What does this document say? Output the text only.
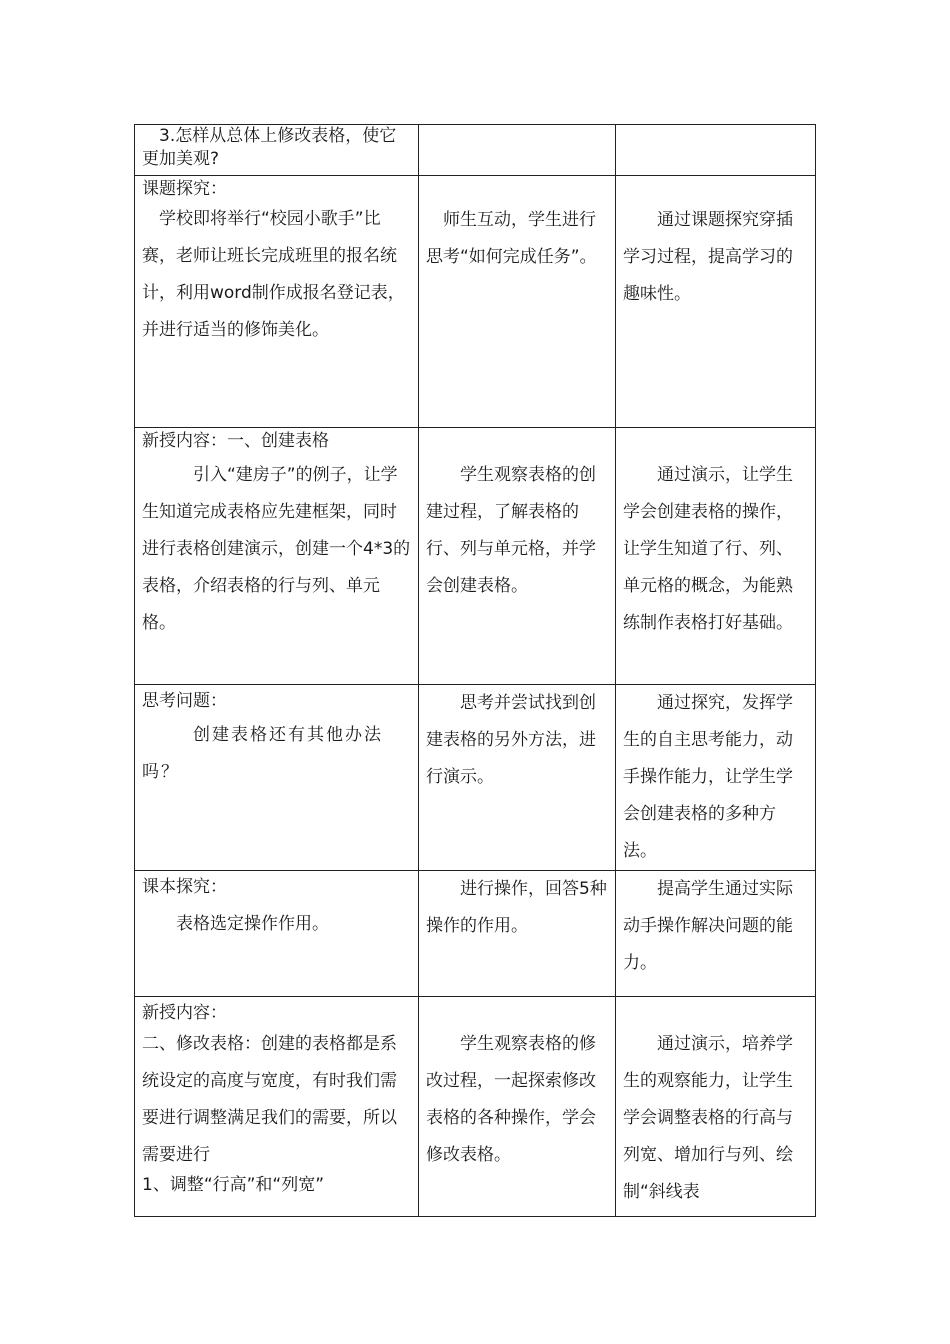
3.怎样从总体上修改表格，使它更加美观?		

课题探究：

学校即将举行“校园小歌手”比赛，老师让班长完成班里的报名统计，利用word制作成报名登记表，并进行适当的修饰美化。	师生互动，学生进行思考“如何完成任务”。	通过课题探究穿插学习过程，提高学习的趣味性。

新授内容：一、创建表格

引入“建房子”的例子，让学生知道完成表格应先建框架，同时进行表格创建演示，创建一个4*3的表格，介绍表格的行与列、单元格。	学生观察表格的创建过程，了解表格的行、列与单元格，并学会创建表格。	通过演示，让学生学会创建表格的操作，让学生知道了行、列、单元格的概念，为能熟练制作表格打好基础。

思考问题：

创建表格还有其他办法吗？	思考并尝试找到创建表格的另外方法，进行演示。	通过探究，发挥学生的自主思考能力，动手操作能力，让学生学会创建表格的多种方法。

课本探究：

表格选定操作作用。	进行操作，回答5种操作的作用。	提高学生通过实际动手操作解决问题的能力。

新授内容：

二、修改表格：创建的表格都是系统设定的高度与宽度，有时我们需要进行调整满足我们的需要，所以需要进行

1、调整“行高”和“列宽”	学生观察表格的修改过程，一起探索修改表格的各种操作，学会修改表格。	通过演示，培养学生的观察能力，让学生学会调整表格的行高与列宽、增加行与列、绘制“斜线表
